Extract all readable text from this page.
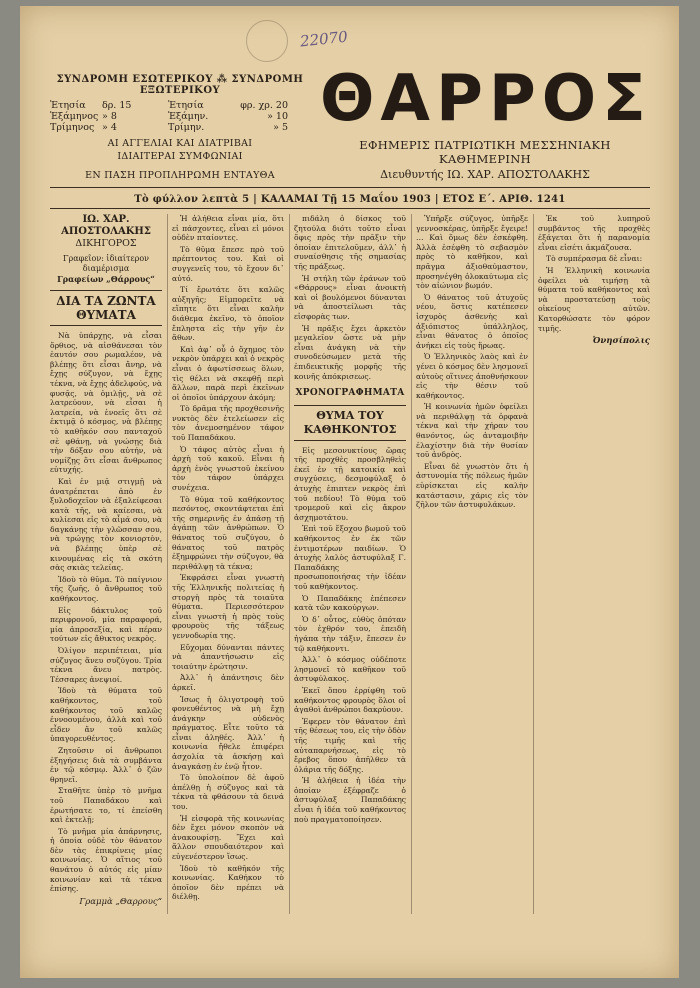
22070
ΣΥΝΔΡΟΜΗ ΕΣΩΤΕΡΙΚΟΥ ⁂ ΣΥΝΔΡΟΜΗ ΕΞΩΤΕΡΙΚΟΥ
Ἐτησία	δρ. 15	Ἐτησία	φρ. χρ. 20
Ἑξάμηνος » 8	Ἑξάμην.	» 10
Τρίμηνος » 4	Τρίμην.	» 5
ΑΙ ΑΓΓΕΛΙΑΙ ΚΑΙ ΔΙΑΤΡΙΒΑΙ
ΙΔΙΑΙΤΕΡΑΙ ΣΥΜΦΩΝΙΑΙ
ΕΝ ΠΑΣΗ ΠΡΟΠΛΗΡΩΜΗ ΕΝΤΑΥΘΑ
ΘΑΡΡΟΣ
ΕΦΗΜΕΡΙΣ ΠΑΤΡΙΩΤΙΚΗ ΜΕΣΣΗΝΙΑΚΗ ΚΑΘΗΜΕΡΙΝΗ
Διευθυντής ΙΩ. ΧΑΡ. ΑΠΟΣΤΟΛΑΚΗΣ
Τὸ φύλλον λεπτὰ 5 | ΚΑΛΑΜΑΙ Τῇ 15 Μαΐου 1903 | ΕΤΟΣ Ε΄. ΑΡΙΘ. 1241
ΙΩ. ΧΑΡ. ΑΠΟΣΤΟΛΑΚΗΣ
ΔΙΚΗΓΟΡΟΣ
Γραφεῖον: ἰδιαίτερον διαμέρισμα
Γραφείων „Θάρρους“
ΔΙΑ ΤΑ ΖΩΝΤΑ ΘΥΜΑΤΑ

Νὰ ὑπάρχῃς, νὰ εἶσαι ὄρθιος, νὰ αἰσθάνεσαι τὸν ἑαυτόν σου ρωμαλέον, νὰ βλέπῃς ὅτι εἶσαι ἄνηρ, νὰ ἔχῃς σύζυγον, νὰ ἔχῃς τέκνα, νὰ ἔχῃς ἀδελφούς, νὰ φυσᾷς, νὰ ὁμιλῇς, νὰ σὲ λατρεύουν, νὰ εἶσαι ἡ λατρεία, νὰ ἐνοεῖς ὅτι σὲ ἐκτιμᾷ ὁ κόσμος, νὰ βλέπῃς τὸ καθῆκόν σου πανταχοῦ σὲ φθάνῃ, νὰ γνώσῃς διὰ τὴν δόξαν σου αὐτήν, νὰ νομίζῃς ὅτι εἶσαι ἄνθρωπος εὐτυχής.

Καὶ ἐν μιᾷ στιγμῇ νὰ ἀνατρέπεται ἀπὸ ἐν ξυλοδοχεῖον νὰ ἐξαλείφεσαι κατὰ τῆς, νὰ καίεσαι, νὰ κυλίεσαι εἰς τὸ αἷμά σου, νὰ δαγκάνῃς τὴν γλῶσσαν σου, νὰ τρώγῃς τὸν κονιορτὸν, νὰ βλέπῃς ὑπὲρ σὲ κινουμένας εἰς τὰ σκότη σὰς σκιὰς τελείας.

Ἰδοὺ τὸ θῦμα. Τὸ παίγνιον τῆς ζωῆς, ὁ ἄνθρωπος τοῦ καθήκοντος.

Εἰς δάκτυλος τοῦ περιφρονοῦ, μία παραφορά, μία ἀπροσεξία, καὶ πέραν τούτων εἰς ἄθικτος νεκρὸς.

Ὀλίγον περιπέτειαι, μία σύζυγος ἄνευ συζύγου. Τρία τέκνα ἄνευ πατρὸς. Τέσσαρες ἀνεψιοί.

Ἰδοὺ τὰ θύματα τοῦ καθήκοντος, τοῦ καθήκοντος τοῦ καλῶς ἐννοουμένου, ἀλλὰ καὶ τοῦ εἶδεν ἄν τοῦ καλῶς ὑπαγορευθέντος.

Ζητοῦσιν οἱ ἄνθρωποι ἐξηγήσεις διὰ τὰ συμβάντα ἐν τῷ κόσμῳ. Ἀλλ᾿ ὁ ζῶν θρηνεῖ.

Σταθῆτε ὑπὲρ τὸ μνῆμα τοῦ Παπαδάκου καὶ ἐρωτήσατε το, τί ἐπείσθη καὶ ἐκτελῇ;

Τὸ μνῆμα μία ἀπάρνησις, ἡ ὁποία οὐδὲ τὸν θάνατον δὲν τὰς ἐπικρίνεις μίας κοινωνίας. Ὁ αἴτιος τοῦ θανάτου ὁ αὐτός εἰς μίαν κοινωνίαν καὶ τὰ τέκνα ἐπίσης.

Γραμμὰ „Θαρρους“

Ἡ ἀλήθεια εἶναι μία, ὅτι εἰ πάσχοντες, εἶναι εἰ μόνοι οὐδὲν πταίοντες.

Τὸ θῦμα ἔπεσε πρὸ τοῦ πρέπτοντος του. Καὶ οἱ συγγενεῖς του, τὸ ἔχουν δι᾿ αὐτό.

Τί ἔρωτάτε ὅτι καλῶς αὐξηγῆς; Εἰμπορεῖτε νὰ εἴπητε ὅτι εἶναι καλὴν διάθεμα ἐκεῖνο, τὸ ὁποῖον ἔπληστα εἰς τὴν γῆν ἐν ἄθων.

Καὶ ἀφ᾿ οὗ ὁ ὄχημος τὸν νεκρὸν ὑπάρχει καὶ ὁ νεκρὸς εἶναι ὁ ἀφωτίσσεως ὅλων, τὶς θέλει νὰ σκεφθῇ περὶ ἄλλων, παρὰ περὶ ἐκεῖνων οἱ ὁποῖοι ὑπάρχουν ἀκόμη;

Τὸ δρᾶμα τῆς προχθεσινῆς νυκτὸς δὲν ἐτελείωσεν εἰς τὸν ἀνεμοσημένον τάφον τοῦ Παπαδάκου.

Ὁ τάφος αὐτὸς εἶναι ἡ ἀρχὴ τοῦ κακοῦ. Εἶναι ἡ ἀρχὴ ἑνὸς γνωστοῦ ἐκείνου τὸν τάφον ὑπάρχει συνέχεια.

Τὸ θύμα τοῦ καθήκοντος πεσόντος, σκοντάφτεται ἐπὶ τῆς σημερινῆς ἐν ἀπάσῃ τῇ ἀγάπῃ τῶν ἀνθρώπων. Ὁ θάνατος τοῦ συζύγου, ὁ θάνατος τοῦ πατρὸς ἐξημφρώνει τὴν σύζυγον, θὰ περιθάλψῃ τὰ τέκνα;

Ἐκφράσει εἶναι γνωστὴ τῆς Ἑλληνικῆς πολιτείας ἡ στοργὴ πρὸς τὰ τοιαῦτα θύματα. Περιεσσότερον εἶναι γνωστὴ ἡ πρὸς τοὺς φρουροὺς τῆς τάξεως γεννοδωρία της.

Εὔχομαι δύνανται πάντες νὰ ἀπαντήσωσιν εἰς τοιαύτην ἐρώτησιν.

Ἀλλ᾿ ἡ ἀπάντησις δὲν ἀρκεῖ.

Ἰσως ἡ ὀλιγοτροφὴ τοῦ φονευθέντος νὰ μὴ ἔχῃ ἀνάγκην οὐδενὸς πράγματος. Εἶτε τοῦτο τὰ εἶναι ἀληθές. Ἀλλ᾿ ἡ κοινωνία ἤθελε ἐπιφέρει ἀσχολία τὰ ἀσκήσῃ καὶ ἀναγκάσῃ ἐν ἑνῷ ἦτον.

Τὸ ὑπολοίπον δὲ ἀφοῦ ἀπέλθῃ ἡ σύζυγος καὶ τὰ τέκνα τὰ φθάσουν τὰ δεινά του.

Ἡ εἰσφορὰ τῆς κοινωνίας δὲν ἔχει μόνον σκοπὸν νὰ ἀνακουφίσῃ. Ἔχει καὶ ἄλλον σπουδαιότερον καὶ εὐγενέστερον ἴσως.

Ἰδοὺ τὸ καθῆκόν τῆς κοινωνίας. Καθήκον τὸ ὁποῖον δὲν πρέπει νὰ διέλθῃ.

πιδάλη ὁ δίσκος τοῦ ζητούλα διότι τοῦτο εἶναι ὄφις πρὸς τὴν πρᾶξιν τὴν ὁποίαν ἐπιτελοῦμεν, ἀλλ᾿ ἡ συναίσθησις τῆς σημασίας τῆς πράξεως.

Ἡ στήλη τῶν ἐράνων τοῦ «Θάρρους» εἶναι ἀνοικτὴ καὶ οἱ βουλόμενοι δύνανται νὰ ἀποστείλωσι τὰς εἰσφορὰς των.

Ἡ πρᾶξις ἔχει ἀρκετὸν μεγαλεῖον ὥστε νὰ μὴν εἶναι ἀνάγκη νὰ τὴν συνοδεύσωμεν μετὰ τῆς ἐπιδεικτικῆς μορφῆς τῆς κοινῆς ἀπόκρισεως.

ΧΡΟΝΟΓΡΑΦΗΜΑΤΑ
ΘΥΜΑ ΤΟΥ ΚΑΘΗΚΟΝΤΟΣ

Εἰς μεσονυκτίους ὥρας τῆς προχθὲς προσβληθεὶς ἐκεῖ ἐν τῇ κατοικίᾳ καὶ συγχύσεις, δεσμοφύλαξ ὁ ἀτυχὴς ἐπιπτεν νεκρὸς ἐπὶ τοῦ πεδίου! Τὸ θύμα τοῦ τρομεροῦ καὶ εἰς ἄκρον ἀσχημοτάτου.

Ἐπὶ τοῦ ἔξοχου βωμοῦ τοῦ καθήκοντος ἐν ἐκ τῶν ἐντιμοτέρων παιδίων. Ὁ ἀτυχὴς λαλὸς ἀστυφύλαξ Γ. Παπαδάκης προσωποποιήσας τὴν ἰδέαν τοῦ καθήκοντος.

Ὁ Παπαδάκης ἐπέπεσεν κατὰ τῶν κακούργων.

Ὁ δ᾿ οὗτος, εὐθὺς ὁπόταν τὸν ἐχθρόν του, ἐπειδὴ ἠγάπα τὴν τάξιν, ἔπεσεν ἐν τῷ καθήκοντι.

Ἀλλ᾿ ὁ κόσμος οὐδέποτε λησμονεῖ τὸ καθῆκον τοῦ ἀστυφύλακος.

Ἐκεῖ ὅπου ἐρρίφθη τοῦ καθήκοντος φρουρὸς ὅλοι οἱ ἀγαθοὶ ἀνθρώποι δακρύουν.

Ἐφερεν τὸν θάνατον ἐπὶ τῆς θέσεως του, εἰς τὴν ὁδὸν τῆς τιμῆς καὶ τῆς αὐταπαρνήσεως, εἰς τὸ ἔρεβος ὅπου ἀπῆλθεν τὰ ὁλάρια τῆς δόξης.

Ἡ ἀλήθεια ἡ ἰδέα τὴν ὁποίαν ἐξέφραζε ὁ ἀστυφύλαξ Παπαδάκης εἶναι ἡ ἰδέα τοῦ καθήκοντος ποὺ πραγματοποίησεν.

Ὑπῆρξε σύζυγος, ὑπῆρξε γεννοσκέρας, ὑπῆρξε ἔγειρε! … Καὶ ὅμως δὲν ἐσκέφθη. Ἀλλὰ ἐσέφθη τὸ σεβασμὸν πρὸς τὸ καθῆκον, καὶ πρᾶγμα ἀξιοθαύμαστον, προσηνέγθη ὁλοκαύτωμα εἰς τὸν αἰώνιον βωμόν.

Ὁ θάνατος τοῦ ἀτυχοῦς νέου, ὅστις κατέπεσεν ἰσχυρὸς ἀσθενὴς καὶ ἀξιόπιστος ὑπάλληλος, εἶναι θάνατος ὁ ὁποῖος ἀνήκει εἰς τοὺς ἥρωας.

Ὁ Ἑλληνικὸς λαὸς καὶ ἐν γένει ὁ κόσμος δὲν λησμονεῖ αὐτοὺς οἵτινες ἀποθνήσκουν εἰς τὴν θέσιν τοῦ καθήκοντος.

Ἡ κοινωνία ἡμῶν ὀφείλει νὰ περιθάλψῃ τὰ ὀρφανὰ τέκνα καὶ τὴν χήραν του θανόντος, ὡς ἀνταμοιβὴν ἐλαχίστην διὰ τὴν θυσίαν τοῦ ἀνδρὸς.

Εἶναι δὲ γνωστὸν ὅτι ἡ ἀστυνομία τῆς πόλεως ἡμῶν εὑρίσκεται εἰς καλὴν κατάστασιν, χάρις εἰς τὸν ζῆλον τῶν ἀστυφυλάκων.

Ἐκ τοῦ λυπηροῦ συμβάντος τῆς προχθὲς ἐξάγεται ὅτι ἡ παρανομία εἶναι εἰσέτι ἀκμάζουσα.

Τὸ συμπέρασμα δὲ εἶναι:

Ἡ Ἑλληνικὴ κοινωνία ὀφείλει νὰ τιμήσῃ τὰ θύματα τοῦ καθήκοντος καὶ νὰ προστατεύσῃ τοὺς οἰκείους αὐτῶν. Κατορθώσατε τὸν φόρον τιμῆς.

Ὀνησίπολις
